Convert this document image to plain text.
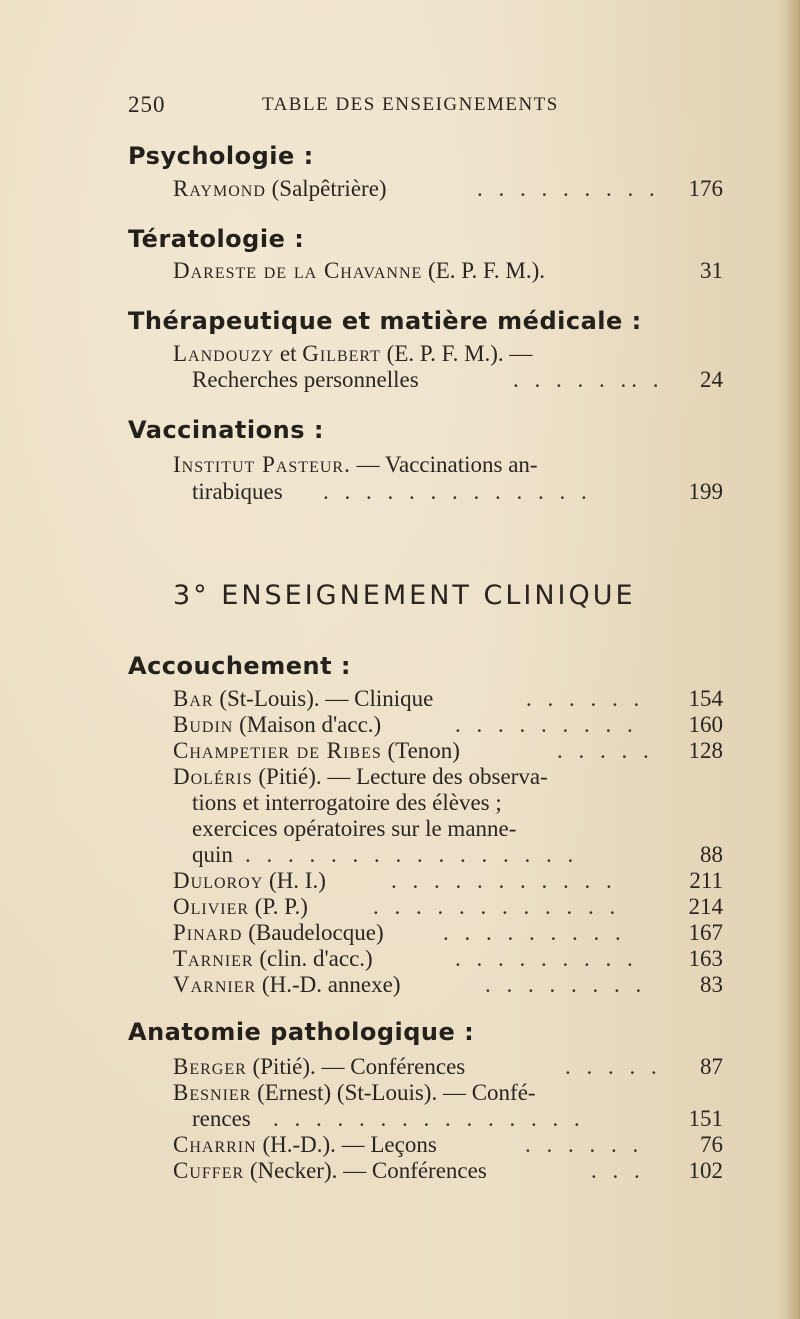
250	TABLE DES ENSEIGNEMENTS
Psychologie :
Raymond (Salpêtrière)	. . . . . . . . . 176
Tératologie :
Dareste de la Chavanne (E. P. F. M.).	31
Thérapeutique et matière médicale :
Landouzy et Gilbert (E. P. F. M.). —
Recherches personnelles	. . . . . .. . 24
Vaccinations :
Institut Pasteur. — Vaccinations an-
tirabiques . . . . . . . . . . . . .	199
3° ENSEIGNEMENT CLINIQUE
Accouchement :
Bar (St-Louis). — Clinique	. . . . . . 154
Budin (Maison d'acc.)	. . . . . . . . . 160
Champetier de Ribes (Tenon)	. . . . . 128
Doléris (Pitié). — Lecture des observa-
tions et interrogatoire des élèves ;
exercices opératoires sur le manne-
quin . . . . . . . . . . . . . . . .	88
Duloroy (H. I.)	. . . . . . . . . . .	211
Olivier (P. P.)	. . . . . . . . . . . .	214
Pinard (Baudelocque)	. . . . . . . . .	167
Tarnier (clin. d'acc.)	. . . . . . . . . 163
Varnier (H.-D. annexe)	. . . . . . . . 83
Anatomie pathologique :
Berger (Pitié). — Conférences	. . . . . 87
Besnier (Ernest) (St-Louis). — Confé-
rences . . . . . . . . . . . . . . .	151
Charrin (H.-D.). — Leçons	. . . . . . 76
Cuffer (Necker). — Conférences	. . . 102
